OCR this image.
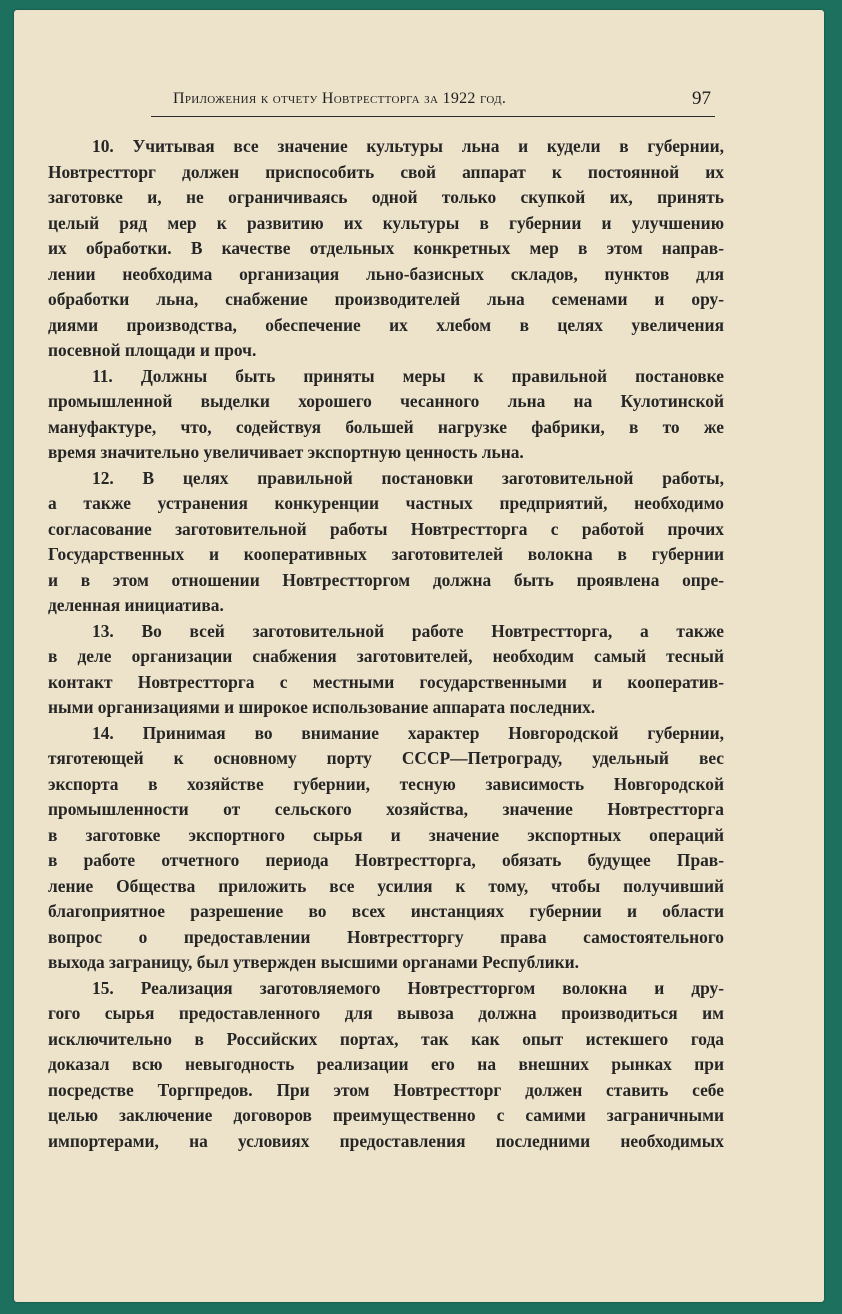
Приложения к отчету Новтрестторга за 1922 год.	97
10. Учитывая все значение культуры льна и кудели в губернии,
Новтрестторг должен приспособить свой аппарат к постоянной их
заготовке и, не ограничиваясь одной только скупкой их, принять
целый ряд мер к развитию их культуры в губернии и улучшению
их обработки. В качестве отдельных конкретных мер в этом направ-
лении необходима организация льно-базисных складов, пунктов для
обработки льна, снабжение производителей льна семенами и ору-
диями производства, обеспечение их хлебом в целях увеличения
посевной площади и проч.
11. Должны быть приняты меры к правильной постановке
промышленной выделки хорошего чесанного льна на Кулотинской
мануфактуре, что, содействуя большей нагрузке фабрики, в то же
время значительно увеличивает экспортную ценность льна.
12. В целях правильной постановки заготовительной работы,
а также устранения конкуренции частных предприятий, необходимо
согласование заготовительной работы Новтрестторга с работой прочих
Государственных и кооперативных заготовителей волокна в губернии
и в этом отношении Новтрестторгом должна быть проявлена опре-
деленная инициатива.
13. Во всей заготовительной работе Новтрестторга, а также
в деле организации снабжения заготовителей, необходим самый тесный
контакт Новтрестторга с местными государственными и кооператив-
ными организациями и широкое использование аппарата последних.
14. Принимая во внимание характер Новгородской губернии,
тяготеющей к основному порту СССР—Петрограду, удельный вес
экспорта в хозяйстве губернии, тесную зависимость Новгородской
промышленности от сельского хозяйства, значение Новтрестторга
в заготовке экспортного сырья и значение экспортных операций
в работе отчетного периода Новтрестторга, обязать будущее Прав-
ление Общества приложить все усилия к тому, чтобы получивший
благоприятное разрешение во всех инстанциях губернии и области
вопрос о предоставлении Новтрестторгу права самостоятельного
выхода заграницу, был утвержден высшими органами Республики.
15. Реализация заготовляемого Новтрестторгом волокна и дру-
гого сырья предоставленного для вывоза должна производиться им
исключительно в Российских портах, так как опыт истекшего года
доказал всю невыгодность реализации его на внешних рынках при
посредстве Торгпредов. При этом Новтрестторг должен ставить себе
целью заключение договоров преимущественно с самими заграничными
импортерами, на условиях предоставления последними необходимых
